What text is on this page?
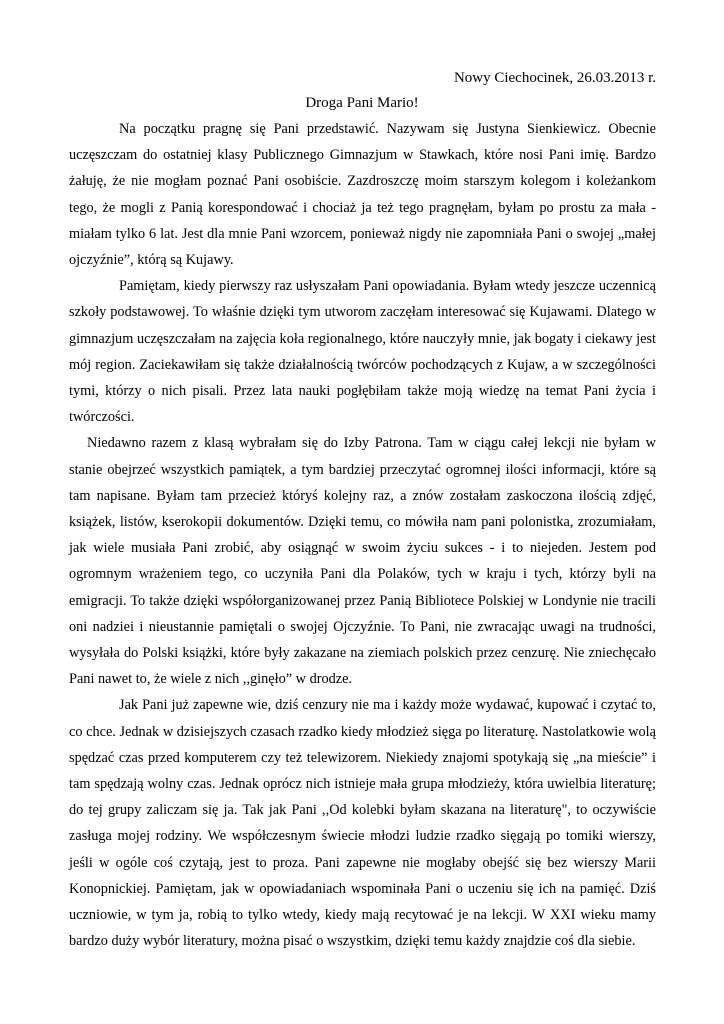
Nowy Ciechocinek, 26.03.2013 r.
Droga Pani Mario!

Na początku pragnę się Pani przedstawić. Nazywam się Justyna Sienkiewicz. Obecnie uczęszczam do ostatniej klasy Publicznego Gimnazjum w Stawkach, które nosi Pani imię. Bardzo żałuję, że nie mogłam poznać Pani osobiście. Zazdroszczę moim starszym kolegom i koleżankom tego, że mogli z Panią korespondować i chociaż ja też tego pragnęłam, byłam po prostu za mała - miałam tylko 6 lat. Jest dla mnie Pani wzorcem, ponieważ nigdy nie zapomniała Pani o swojej „małej ojczyźnie”, którą są Kujawy.

Pamiętam, kiedy pierwszy raz usłyszałam Pani opowiadania. Byłam wtedy jeszcze uczennicą szkoły podstawowej. To właśnie dzięki tym utworom zaczęłam interesować się Kujawami. Dlatego w gimnazjum uczęszczałam na zajęcia koła regionalnego, które nauczyły mnie, jak bogaty i ciekawy jest mój region. Zaciekawiłam się także działalnością twórców pochodzących z Kujaw, a w szczególności tymi, którzy o nich pisali. Przez lata nauki pogłębiłam także moją wiedzę na temat Pani życia i twórczości.

Niedawno razem z klasą wybrałam się do Izby Patrona. Tam w ciągu całej lekcji nie byłam w stanie obejrzeć wszystkich pamiątek, a tym bardziej przeczytać ogromnej ilości informacji, które są tam napisane. Byłam tam przecież któryś kolejny raz, a znów zostałam zaskoczona ilością zdjęć, książek, listów, kserokopii dokumentów. Dzięki temu, co mówiła nam pani polonistka, zrozumiałam, jak wiele musiała Pani zrobić, aby osiągnąć w swoim życiu sukces - i to niejeden. Jestem pod ogromnym wrażeniem tego, co uczyniła Pani dla Polaków, tych w kraju i tych, którzy byli na emigracji. To także dzięki współorganizowanej przez Panią Bibliotece Polskiej w Londynie nie tracili oni nadziei i nieustannie pamiętali o swojej Ojczyźnie. To Pani, nie zwracając uwagi na trudności, wysyłała do Polski książki, które były zakazane na ziemiach polskich przez cenzurę. Nie zniechęcało Pani nawet to, że wiele z nich ,,ginęło” w drodze.

Jak Pani już zapewne wie, dziś cenzury nie ma i każdy może wydawać, kupować i czytać to, co chce. Jednak w dzisiejszych czasach rzadko kiedy młodzież sięga po literaturę. Nastolatkowie wolą spędzać czas przed komputerem czy też telewizorem. Niekiedy znajomi spotykają się „na mieście” i tam spędzają wolny czas. Jednak oprócz nich istnieje mała grupa młodzieży, która uwielbia literaturę; do tej grupy zaliczam się ja. Tak jak Pani ,,Od kolebki byłam skazana na literaturę", to oczywiście zasługa mojej rodziny. We współczesnym świecie młodzi ludzie rzadko sięgają po tomiki wierszy, jeśli w ogóle coś czytają, jest to proza. Pani zapewne nie mogłaby obejść się bez wierszy Marii Konopnickiej. Pamiętam, jak w opowiadaniach wspominała Pani o uczeniu się ich na pamięć. Dziś uczniowie, w tym ja, robią to tylko wtedy, kiedy mają recytować je na lekcji. W XXI wieku mamy bardzo duży wybór literatury, można pisać o wszystkim, dzięki temu każdy znajdzie coś dla siebie.
